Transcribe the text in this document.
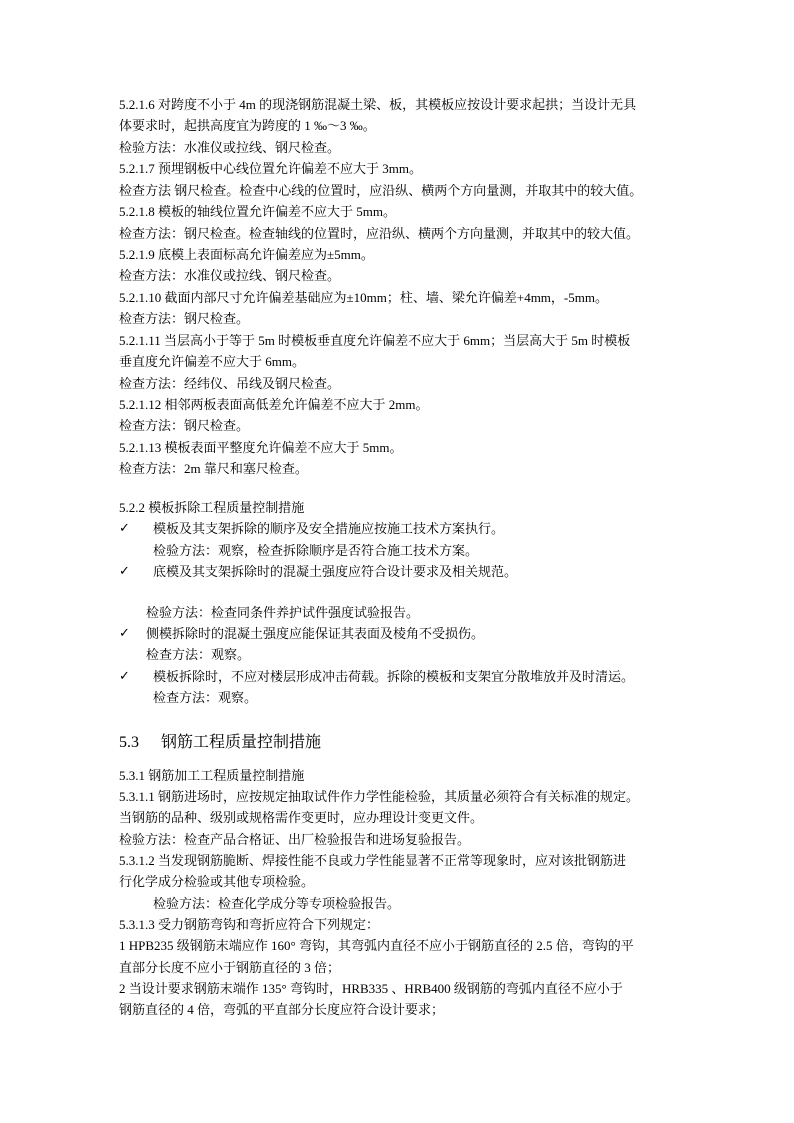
5.2.1.6 对跨度不小于 4m 的现浇钢筋混凝土梁、板，其模板应按设计要求起拱；当设计无具
体要求时，起拱高度宜为跨度的 1 ‰～3 ‰。
检验方法：水准仪或拉线、钢尺检查。
5.2.1.7 预埋钢板中心线位置允许偏差不应大于 3mm。
检查方法 钢尺检查。检查中心线的位置时，应沿纵、横两个方向量测，并取其中的较大值。
5.2.1.8 模板的轴线位置允许偏差不应大于 5mm。
检查方法：钢尺检查。检查轴线的位置时，应沿纵、横两个方向量测，并取其中的较大值。
5.2.1.9 底模上表面标高允许偏差应为±5mm。
检查方法：水准仪或拉线、钢尺检查。
5.2.1.10 截面内部尺寸允许偏差基础应为±10mm；柱、墙、梁允许偏差+4mm，-5mm。
检查方法：钢尺检查。
5.2.1.11 当层高小于等于 5m 时模板垂直度允许偏差不应大于 6mm；当层高大于 5m 时模板
垂直度允许偏差不应大于 6mm。
检查方法：经纬仪、吊线及钢尺检查。
5.2.1.12 相邻两板表面高低差允许偏差不应大于 2mm。
检查方法：钢尺检查。
5.2.1.13 模板表面平整度允许偏差不应大于 5mm。
检查方法：2m 靠尺和塞尺检查。
5.2.2 模板拆除工程质量控制措施
✓ 模板及其支架拆除的顺序及安全措施应按施工技术方案执行。
检验方法：观察，检查拆除顺序是否符合施工技术方案。
✓ 底模及其支架拆除时的混凝土强度应符合设计要求及相关规范。
检验方法：检查同条件养护试件强度试验报告。
✓ 侧模拆除时的混凝土强度应能保证其表面及棱角不受损伤。
检查方法：观察。
✓ 模板拆除时，不应对楼层形成冲击荷载。拆除的模板和支架宜分散堆放并及时清运。
检查方法：观察。
5.3 钢筋工程质量控制措施
5.3.1 钢筋加工工程质量控制措施
5.3.1.1 钢筋进场时，应按规定抽取试件作力学性能检验，其质量必须符合有关标准的规定。
当钢筋的品种、级别或规格需作变更时，应办理设计变更文件。
检验方法：检查产品合格证、出厂检验报告和进场复验报告。
5.3.1.2 当发现钢筋脆断、焊接性能不良或力学性能显著不正常等现象时，应对该批钢筋进
行化学成分检验或其他专项检验。
检验方法：检查化学成分等专项检验报告。
5.3.1.3 受力钢筋弯钩和弯折应符合下列规定：
1 HPB235 级钢筋末端应作 160° 弯钩，其弯弧内直径不应小于钢筋直径的 2.5 倍，弯钩的平
直部分长度不应小于钢筋直径的 3 倍；
2 当设计要求钢筋末端作 135° 弯钩时，HRB335 、HRB400 级钢筋的弯弧内直径不应小于
钢筋直径的 4 倍，弯弧的平直部分长度应符合设计要求；
